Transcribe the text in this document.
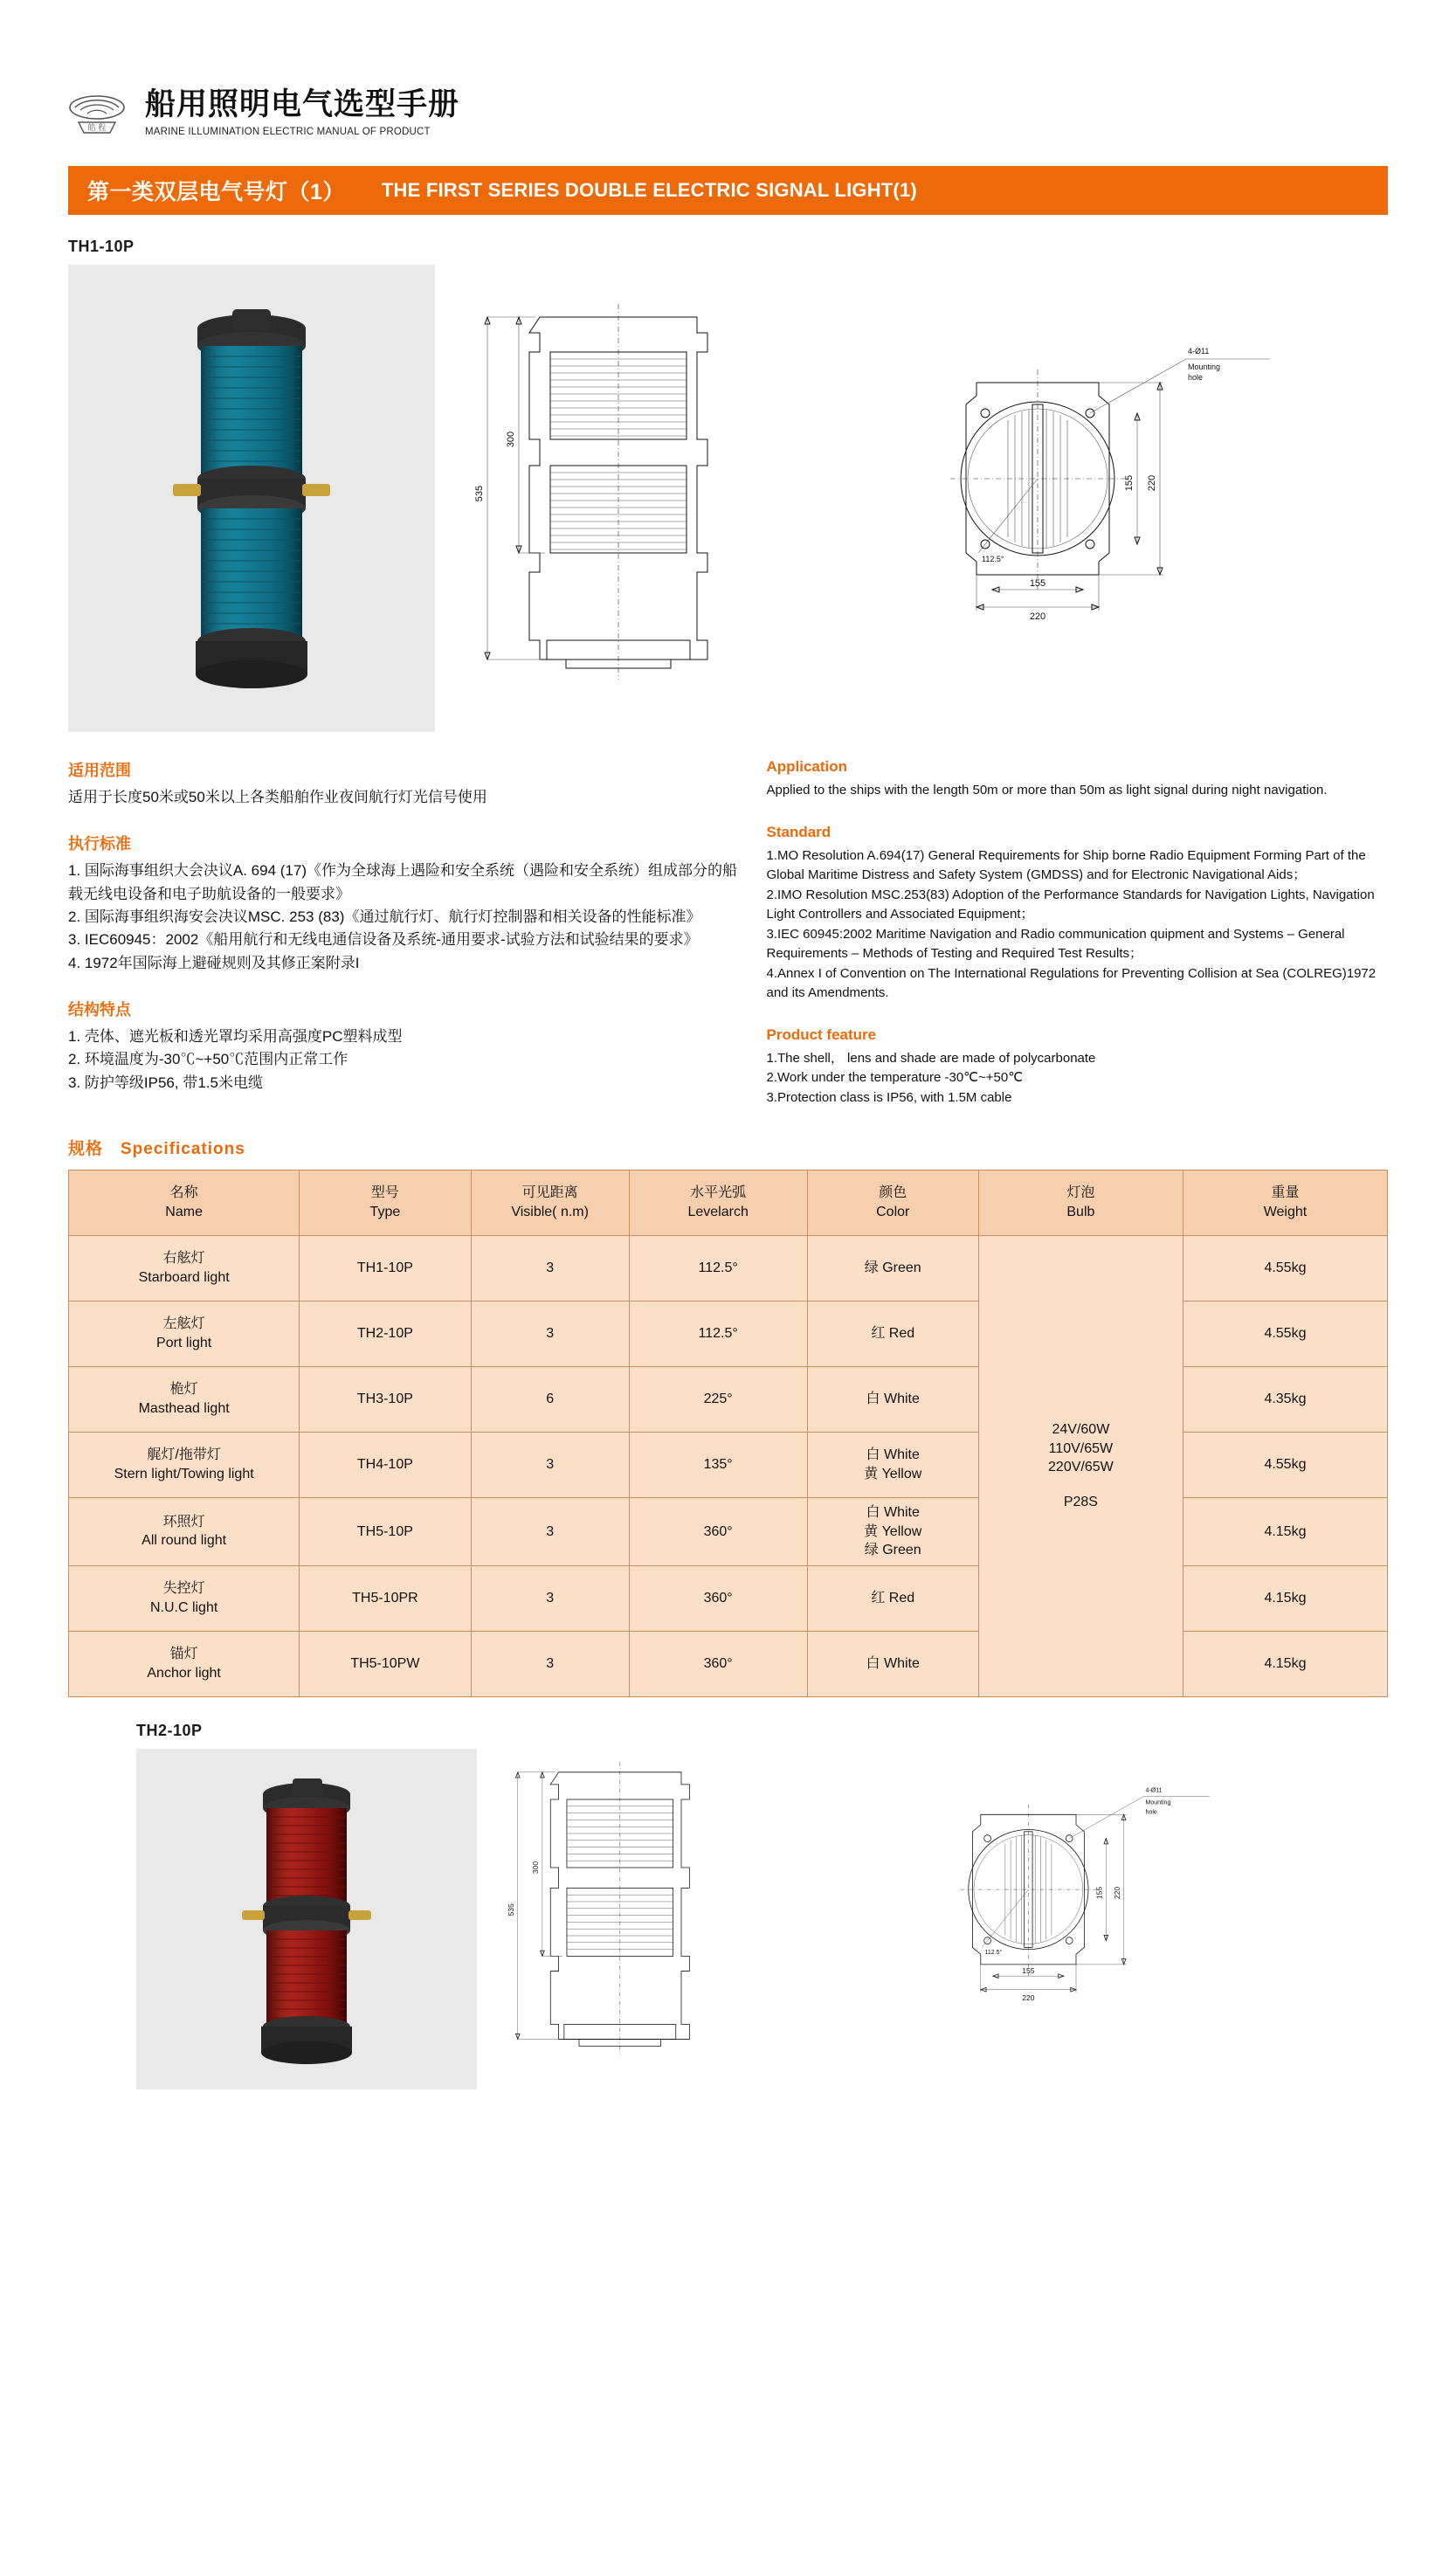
皓 程
船用照明电气选型手册
MARINE ILLUMINATION ELECTRIC MANUAL OF PRODUCT
第一类双层电气号灯（1） THE FIRST SERIES DOUBLE ELECTRIC SIGNAL LIGHT(1)
TH1-10P
535
300
4-Ø11
Mounting
hole
112.5°
220
155
220
155
适用范围
适用于长度50米或50米以上各类船舶作业夜间航行灯光信号使用
执行标准
1. 国际海事组织大会决议A. 694 (17)《作为全球海上遇险和安全系统（遇险和安全系统）组成部分的船载无线电设备和电子助航设备的一般要求》
2. 国际海事组织海安会决议MSC. 253 (83)《通过航行灯、航行灯控制器和相关设备的性能标准》
3. IEC60945：2002《船用航行和无线电通信设备及系统-通用要求-试验方法和试验结果的要求》
4. 1972年国际海上避碰规则及其修正案附录I
结构特点
1. 壳体、遮光板和透光罩均采用高强度PC塑料成型
2. 环境温度为-30℃~+50℃范围内正常工作
3. 防护等级IP56, 带1.5米电缆
Application
Applied to the ships with the length 50m or more than 50m as light signal during night navigation.
Standard
1.MO Resolution A.694(17) General Requirements for Ship borne Radio Equipment Forming Part of the Global Maritime Distress and Safety System (GMDSS) and for Electronic Navigational Aids；
2.IMO Resolution MSC.253(83) Adoption of the Performance Standards for Navigation Lights, Navigation Light Controllers and Associated Equipment；
3.IEC 60945:2002 Maritime Navigation and Radio communication quipment and Systems – General Requirements – Methods of Testing and Required Test Results；
4.Annex I of Convention on The International Regulations for Preventing Collision at Sea (COLREG)1972 and its Amendments.
Product feature
1.The shell， lens and shade are made of polycarbonate
2.Work under the temperature -30℃~+50℃
3.Protection class is IP56, with 1.5M cable
规格　Specifications
名称
Name	型号
Type	可见距离
Visible( n.m)	水平光弧
Levelarch	颜色
Color	灯泡
Bulb	重量
Weight

右舷灯
Starboard light	TH1-10P	3	112.5°	绿 Green	24V/60W
110V/65W
220V/65W

P28S	4.55kg

左舷灯
Port light	TH2-10P	3	112.5°	红 Red		4.55kg

桅灯
Masthead light	TH3-10P	6	225°	白 White		4.35kg

艉灯/拖带灯
Stern light/Towing light	TH4-10P	3	135°	白 White
黄 Yellow		4.55kg

环照灯
All round light	TH5-10P	3	360°	白 White
黄 Yellow
绿 Green		4.15kg

失控灯
N.U.C light	TH5-10PR	3	360°	红 Red		4.15kg

锚灯
Anchor light	TH5-10PW	3	360°	白 White		4.15kg
TH2-10P
535
300
4-Ø11
Mounting
hole
112.5°
220
155
220
155
